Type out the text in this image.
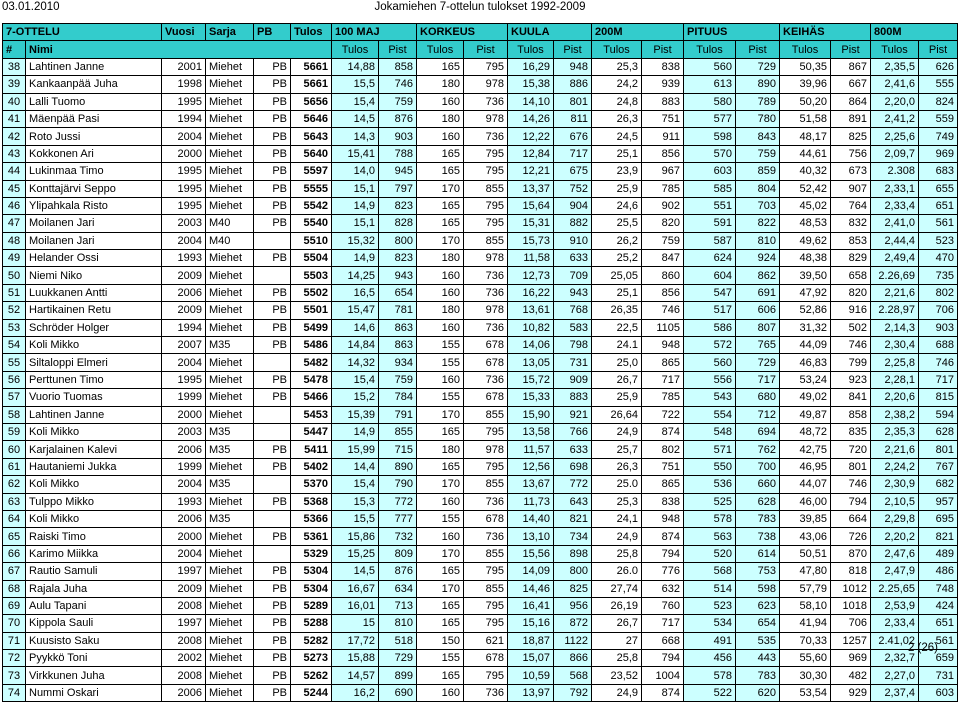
03.01.2010	Jokamiehen 7-ottelun tulokset 1992-2009
7-OTTELU		Vuosi	Sarja	PB	Tulos	100 MAJ		KORKEUS		KUULA		200M		PITUUS		KEIHÄS		800M	
#	Nimi					Tulos	Pist	Tulos	Pist	Tulos	Pist	Tulos	Pist	Tulos	Pist	Tulos	Pist	Tulos	Pist
38	Lahtinen Janne	2001	Miehet	PB	5661	14,88	858	165	795	16,29	948	25,3	838	560	729	50,35	867	2,35,5	626
39	Kankaanpää Juha	1998	Miehet	PB	5661	15,5	746	180	978	15,38	886	24,2	939	613	890	39,96	667	2,41,6	555
40	Lalli Tuomo	1995	Miehet	PB	5656	15,4	759	160	736	14,10	801	24,8	883	580	789	50,20	864	2,20,0	824
41	Mäenpää Pasi	1994	Miehet	PB	5646	14,5	876	180	978	14,26	811	26,3	751	577	780	51,58	891	2,41,2	559
42	Roto Jussi	2004	Miehet	PB	5643	14,3	903	160	736	12,22	676	24,5	911	598	843	48,17	825	2,25,6	749
43	Kokkonen Ari	2000	Miehet	PB	5640	15,41	788	165	795	12,84	717	25,1	856	570	759	44,61	756	2,09,7	969
44	Lukinmaa Timo	1995	Miehet	PB	5597	14,0	945	165	795	12,21	675	23,9	967	603	859	40,32	673	2.308	683
45	Konttajärvi Seppo	1995	Miehet	PB	5555	15,1	797	170	855	13,37	752	25,9	785	585	804	52,42	907	2,33,1	655
46	Ylipahkala Risto	1995	Miehet	PB	5542	14,9	823	165	795	15,64	904	24,6	902	551	703	45,02	764	2,33,4	651
47	Moilanen Jari	2003	M40	PB	5540	15,1	828	165	795	15,31	882	25,5	820	591	822	48,53	832	2,41,0	561
48	Moilanen Jari	2004	M40		5510	15,32	800	170	855	15,73	910	26,2	759	587	810	49,62	853	2,44,4	523
49	Helander Ossi	1993	Miehet	PB	5504	14,9	823	180	978	11,58	633	25,2	847	624	924	48,38	829	2,49,4	470
50	Niemi Niko	2009	Miehet		5503	14,25	943	160	736	12,73	709	25,05	860	604	862	39,50	658	2.26,69	735
51	Luukkanen Antti	2006	Miehet	PB	5502	16,5	654	160	736	16,22	943	25,1	856	547	691	47,92	820	2,21,6	802
52	Hartikainen Retu	2009	Miehet	PB	5501	15,47	781	180	978	13,61	768	26,35	746	517	606	52,86	916	2.28,97	706
53	Schröder Holger	1994	Miehet	PB	5499	14,6	863	160	736	10,82	583	22,5	1105	586	807	31,32	502	2,14,3	903
54	Koli Mikko	2007	M35	PB	5486	14,84	863	155	678	14,06	798	24.1	948	572	765	44,09	746	2,30,4	688
55	Siltaloppi Elmeri	2004	Miehet		5482	14,32	934	155	678	13,05	731	25,0	865	560	729	46,83	799	2,25,8	746
56	Perttunen Timo	1995	Miehet	PB	5478	15,4	759	160	736	15,72	909	26,7	717	556	717	53,24	923	2,28,1	717
57	Vuorio Tuomas	1999	Miehet	PB	5466	15,2	784	155	678	15,33	883	25,9	785	543	680	49,02	841	2,20,6	815
58	Lahtinen Janne	2000	Miehet		5453	15,39	791	170	855	15,90	921	26,64	722	554	712	49,87	858	2,38,2	594
59	Koli Mikko	2003	M35		5447	14,9	855	165	795	13,58	766	24,9	874	548	694	48,72	835	2,35,3	628
60	Karjalainen Kalevi	2006	M35	PB	5411	15,99	715	180	978	11,57	633	25,7	802	571	762	42,75	720	2,21,6	801
61	Hautaniemi Jukka	1999	Miehet	PB	5402	14,4	890	165	795	12,56	698	26,3	751	550	700	46,95	801	2,24,2	767
62	Koli Mikko	2004	M35		5370	15,4	790	170	855	13,67	772	25.0	865	536	660	44,07	746	2,30,9	682
63	Tulppo Mikko	1993	Miehet	PB	5368	15,3	772	160	736	11,73	643	25,3	838	525	628	46,00	794	2,10,5	957
64	Koli Mikko	2006	M35		5366	15,5	777	155	678	14,40	821	24,1	948	578	783	39,85	664	2,29,8	695
65	Raiski Timo	2000	Miehet	PB	5361	15,86	732	160	736	13,10	734	24,9	874	563	738	43,06	726	2,20,2	821
66	Karimo Miikka	2004	Miehet		5329	15,25	809	170	855	15,56	898	25,8	794	520	614	50,51	870	2,47,6	489
67	Rautio Samuli	1997	Miehet	PB	5304	14,5	876	165	795	14,09	800	26.0	776	568	753	47,80	818	2,47,9	486
68	Rajala Juha	2009	Miehet	PB	5304	16,67	634	170	855	14,46	825	27,74	632	514	598	57,79	1012	2.25,65	748
69	Aulu Tapani	2008	Miehet	PB	5289	16,01	713	165	795	16,41	956	26,19	760	523	623	58,10	1018	2,53,9	424
70	Kippola Sauli	1997	Miehet	PB	5288	15	810	165	795	15,16	872	26,7	717	534	654	41,94	706	2,33,4	651
71	Kuusisto Saku	2008	Miehet	PB	5282	17,72	518	150	621	18,87	1122	27	668	491	535	70,33	1257	2.41,02	561
72	Pyykkö Toni	2002	Miehet	PB	5273	15,88	729	155	678	15,07	866	25,8	794	456	443	55,60	969	2,32,7	659
73	Virkkunen Juha	2008	Miehet	PB	5262	14,57	899	165	795	10,59	568	23,52	1004	578	783	30,30	482	2,27,0	731
74	Nummi Oskari	2006	Miehet	PB	5244	16,2	690	160	736	13,97	792	24,9	874	522	620	53,54	929	2,37,4	603
2 (26)
